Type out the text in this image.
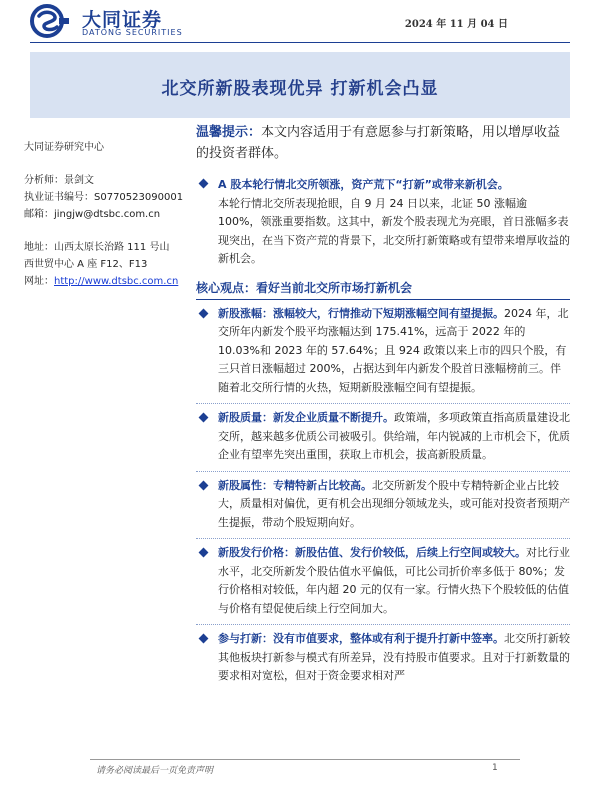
大同证券
DATONG SECURITIES
2024 年 11 月 04 日
北交所新股表现优异 打新机会凸显
大同证券研究中心
分析师：景剑文
执业证书编号：S0770523090001
邮箱：jingjw@dtsbc.com.cn
地址：山西太原长治路 111 号山
西世贸中心 A 座 F12、F13
网址：http://www.dtsbc.com.cn
温馨提示：本文内容适用于有意愿参与打新策略，用以增厚收益的投资者群体。
A 股本轮行情北交所领涨，资产荒下“打新”或带来新机会。
本轮行情北交所表现抢眼，自 9 月 24 日以来，北证 50 涨幅逾 100%，领涨重要指数。这其中，新发个股表现尤为亮眼，首日涨幅多表现突出，在当下资产荒的背景下，北交所打新策略或有望带来增厚收益的新机会。
核心观点：看好当前北交所市场打新机会
新股涨幅：涨幅较大，行情推动下短期涨幅空间有望提振。2024 年，北交所年内新发个股平均涨幅达到 175.41%，远高于 2022 年的 10.03%和 2023 年的 57.64%；且 924 政策以来上市的四只个股，有三只首日涨幅超过 200%，占据达到年内新发个股首日涨幅榜前三。伴随着北交所行情的火热，短期新股涨幅空间有望提振。
新股质量：新发企业质量不断提升。政策端，多项政策直指高质量建设北交所，越来越多优质公司被吸引。供给端，年内锐减的上市机会下，优质企业有望率先突出重围，获取上市机会，拔高新股质量。
新股属性：专精特新占比较高。北交所新发个股中专精特新企业占比较大，质量相对偏优，更有机会出现细分领域龙头，或可能对投资者预期产生提振，带动个股短期向好。
新股发行价格：新股估值、发行价较低，后续上行空间或较大。对比行业水平，北交所新发个股估值水平偏低，可比公司折价率多低于 80%；发行价格相对较低，年内超 20 元的仅有一家。行情火热下个股较低的估值与价格有望促使后续上行空间加大。
参与打新：没有市值要求，整体或有利于提升打新中签率。北交所打新较其他板块打新参与模式有所差异，没有持股市值要求。且对于打新数量的要求相对宽松，但对于资金要求相对严
请务必阅读最后一页免责声明	1
